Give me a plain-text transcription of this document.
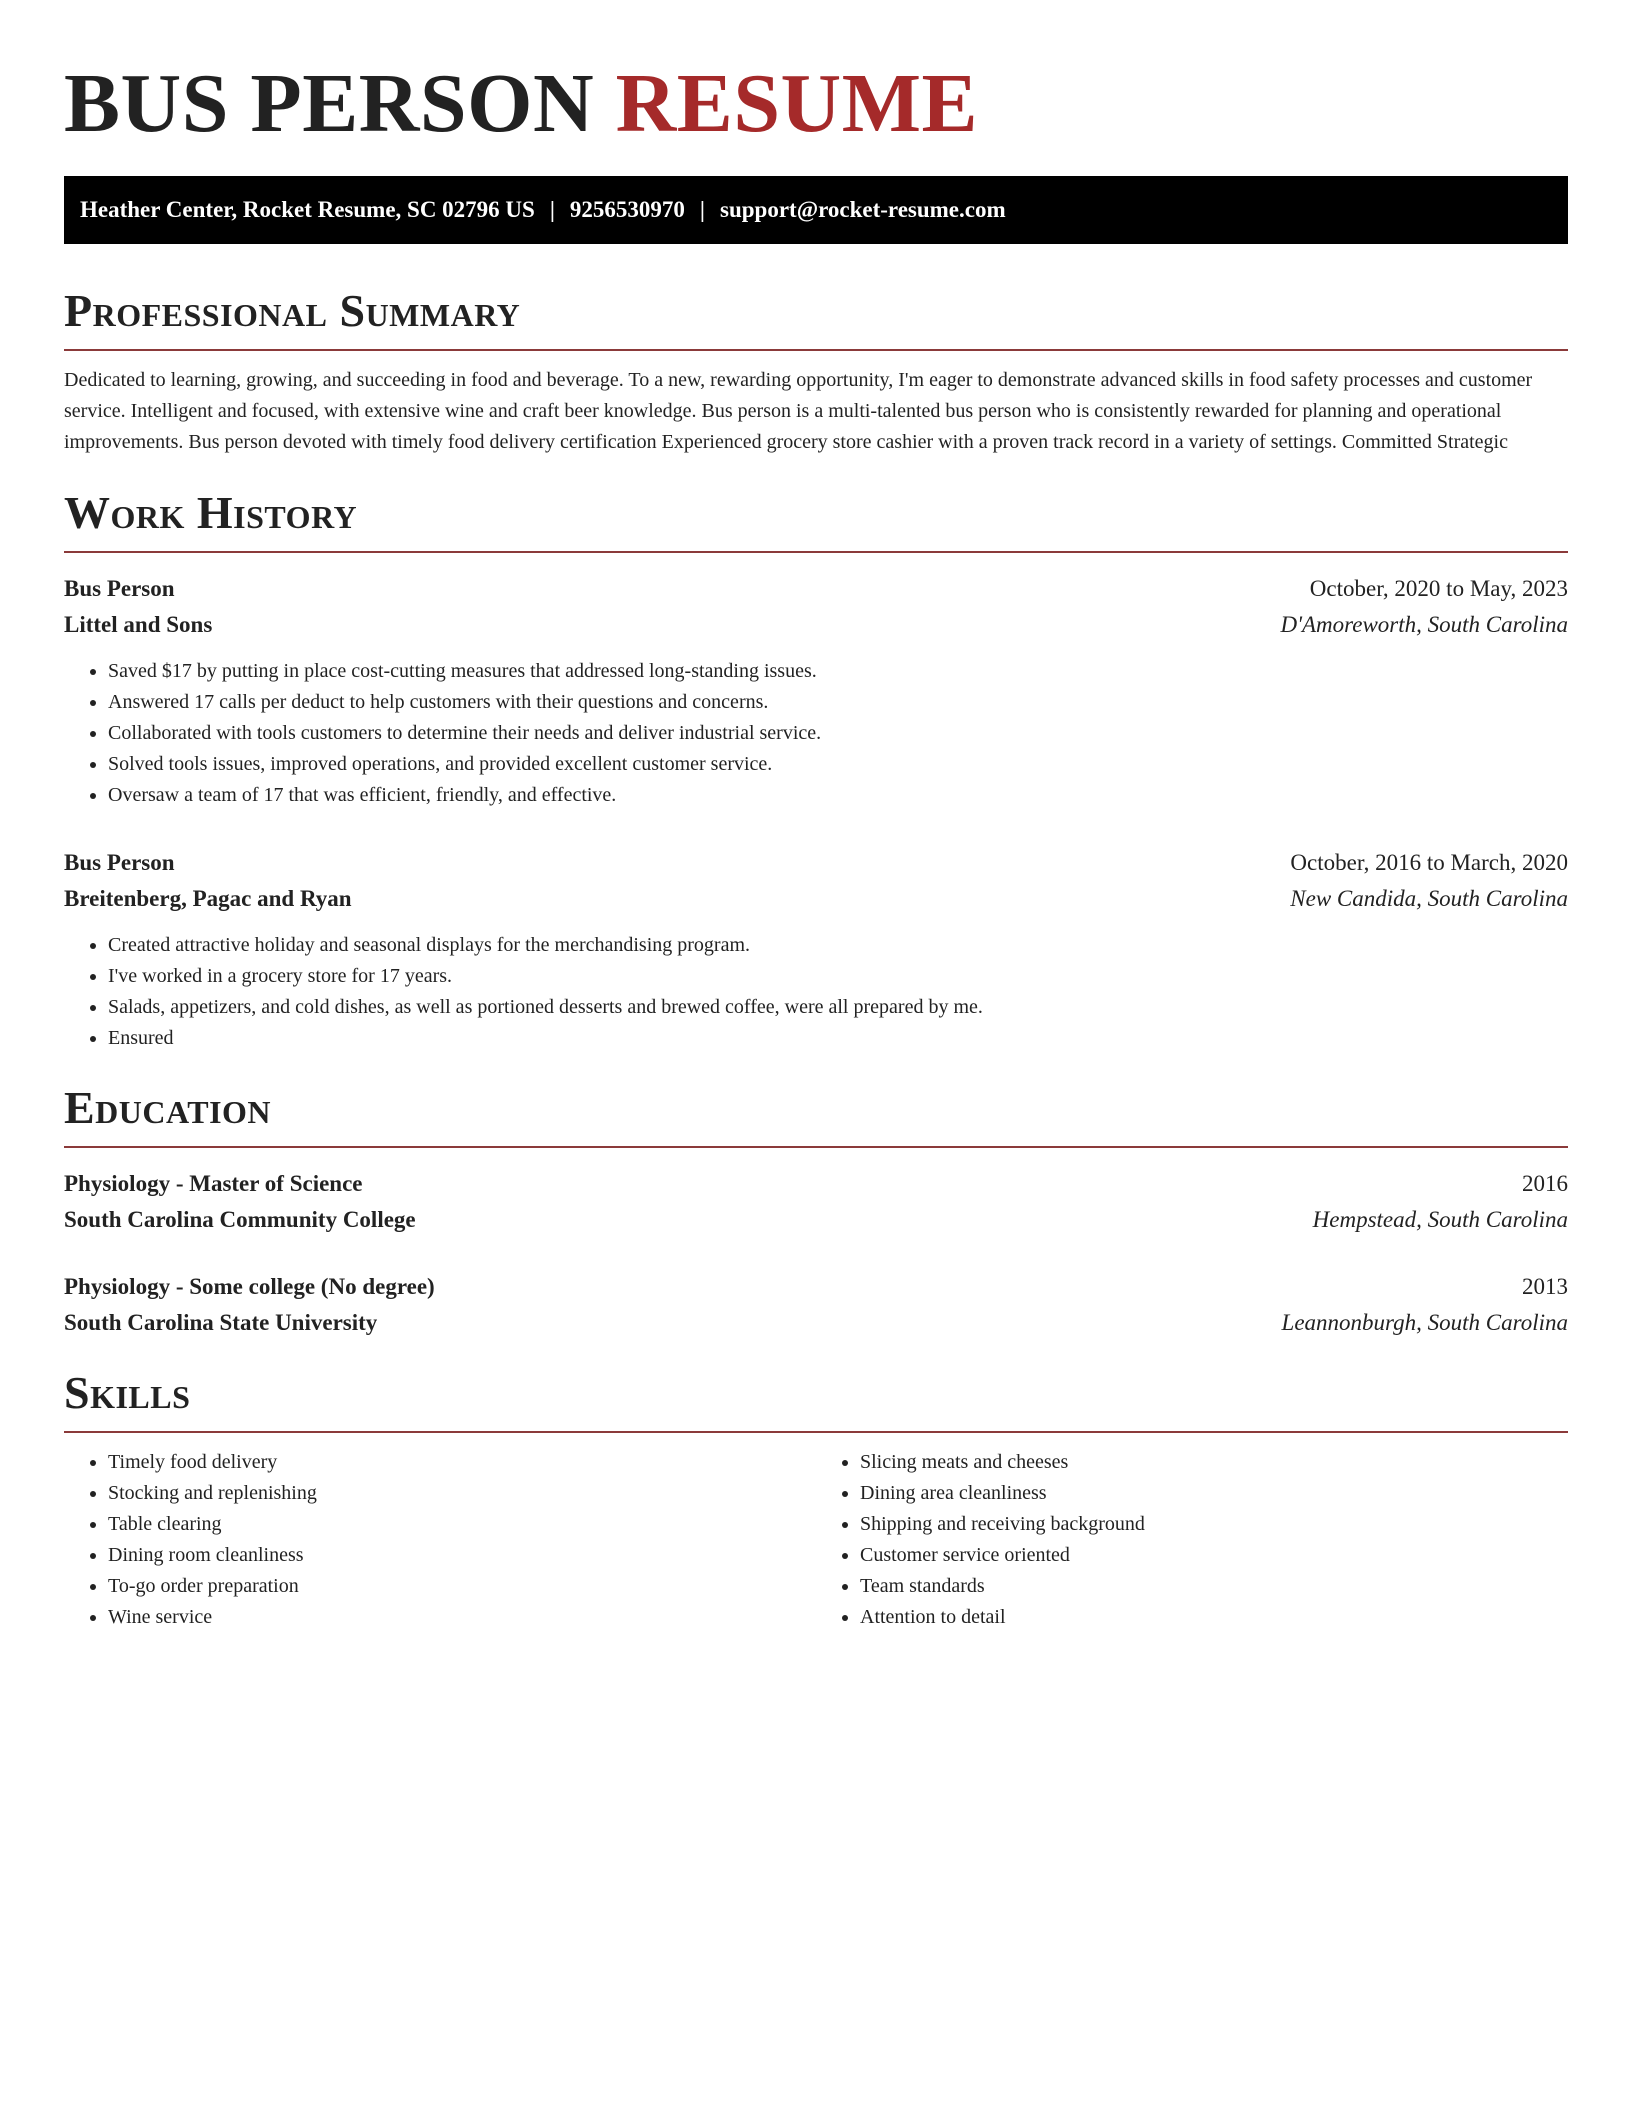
BUS PERSON RESUME
Heather Center, Rocket Resume, SC 02796 US | 9256530970 | support@rocket-resume.com
Professional Summary

Dedicated to learning, growing, and succeeding in food and beverage. To a new, rewarding opportunity, I'm eager to demonstrate advanced skills in food safety processes and customer service. Intelligent and focused, with extensive wine and craft beer knowledge. Bus person is a multi-talented bus person who is consistently rewarded for planning and operational improvements. Bus person devoted with timely food delivery certification Experienced grocery store cashier with a proven track record in a variety of settings. Committed Strategic

Work History
Bus Person	October, 2020 to May, 2023
Littel and Sons	D'Amoreworth, South Carolina
• Saved $17 by putting in place cost-cutting measures that addressed long-standing issues.
• Answered 17 calls per deduct to help customers with their questions and concerns.
• Collaborated with tools customers to determine their needs and deliver industrial service.
• Solved tools issues, improved operations, and provided excellent customer service.
• Oversaw a team of 17 that was efficient, friendly, and effective.
Bus Person	October, 2016 to March, 2020
Breitenberg, Pagac and Ryan	New Candida, South Carolina
• Created attractive holiday and seasonal displays for the merchandising program.
• I've worked in a grocery store for 17 years.
• Salads, appetizers, and cold dishes, as well as portioned desserts and brewed coffee, were all prepared by me.
• Ensured
Education
Physiology - Master of Science	2016
South Carolina Community College	Hempstead, South Carolina
Physiology - Some college (No degree)	2013
South Carolina State University	Leannonburgh, South Carolina
Skills
• Timely food delivery
• Stocking and replenishing
• Table clearing
• Dining room cleanliness
• To-go order preparation
• Wine service
• Slicing meats and cheeses
• Dining area cleanliness
• Shipping and receiving background
• Customer service oriented
• Team standards
• Attention to detail
